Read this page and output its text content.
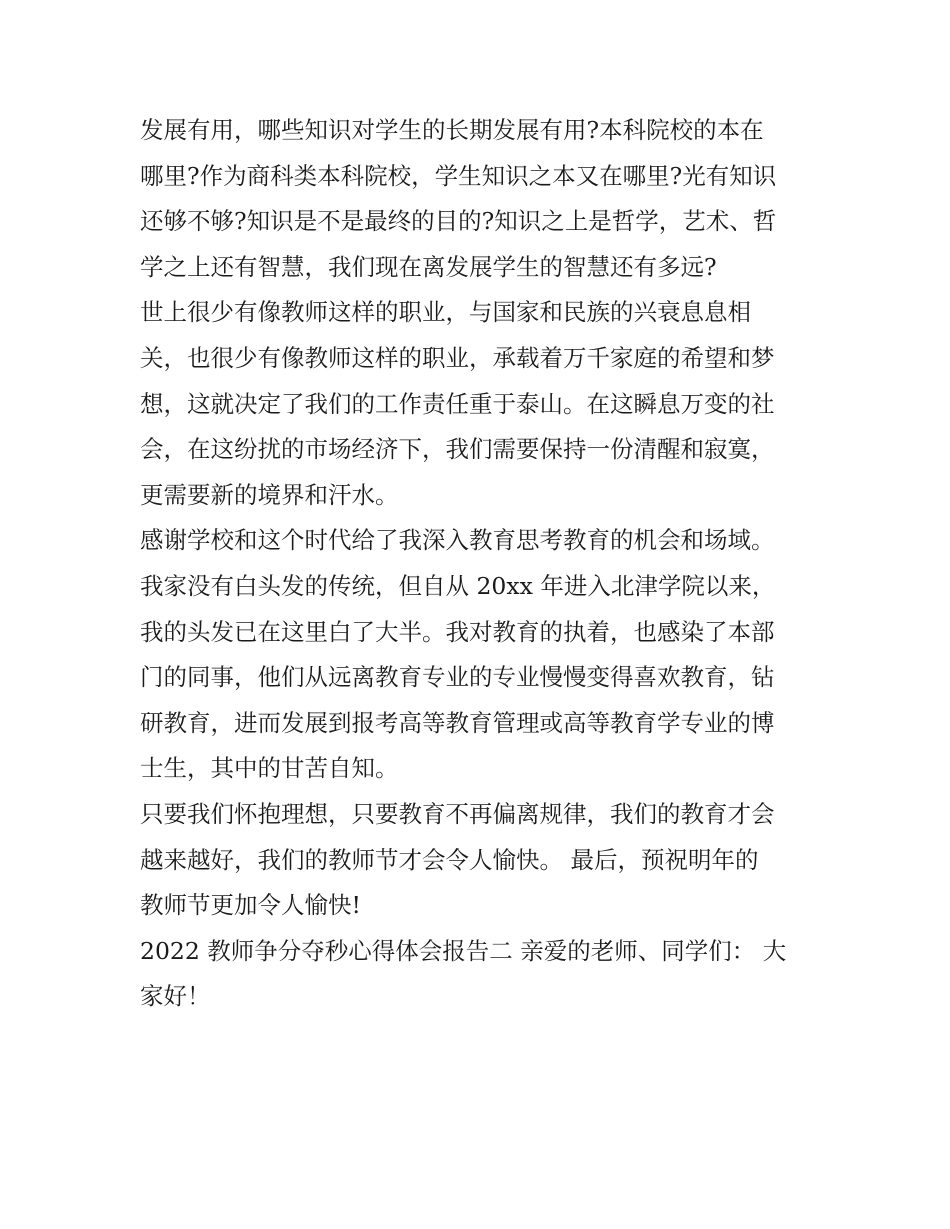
发展有用，哪些知识对学生的长期发展有用?本科院校的本在

哪里?作为商科类本科院校，学生知识之本又在哪里?光有知识

还够不够?知识是不是最终的目的?知识之上是哲学，艺术、哲

学之上还有智慧，我们现在离发展学生的智慧还有多远?

世上很少有像教师这样的职业，与国家和民族的兴衰息息相

关，也很少有像教师这样的职业，承载着万千家庭的希望和梦

想，这就决定了我们的工作责任重于泰山。在这瞬息万变的社

会，在这纷扰的市场经济下，我们需要保持一份清醒和寂寞，

更需要新的境界和汗水。

感谢学校和这个时代给了我深入教育思考教育的机会和场域。

我家没有白头发的传统，但自从 20xx 年进入北津学院以来，

我的头发已在这里白了大半。我对教育的执着，也感染了本部

门的同事，他们从远离教育专业的专业慢慢变得喜欢教育，钻

研教育，进而发展到报考高等教育管理或高等教育学专业的博

士生，其中的甘苦自知。

只要我们怀抱理想，只要教育不再偏离规律，我们的教育才会

越来越好，我们的教师节才会令人愉快。 最后，预祝明年的

教师节更加令人愉快!

2022 教师争分夺秒心得体会报告二 亲爱的老师、同学们： 大

家好！
